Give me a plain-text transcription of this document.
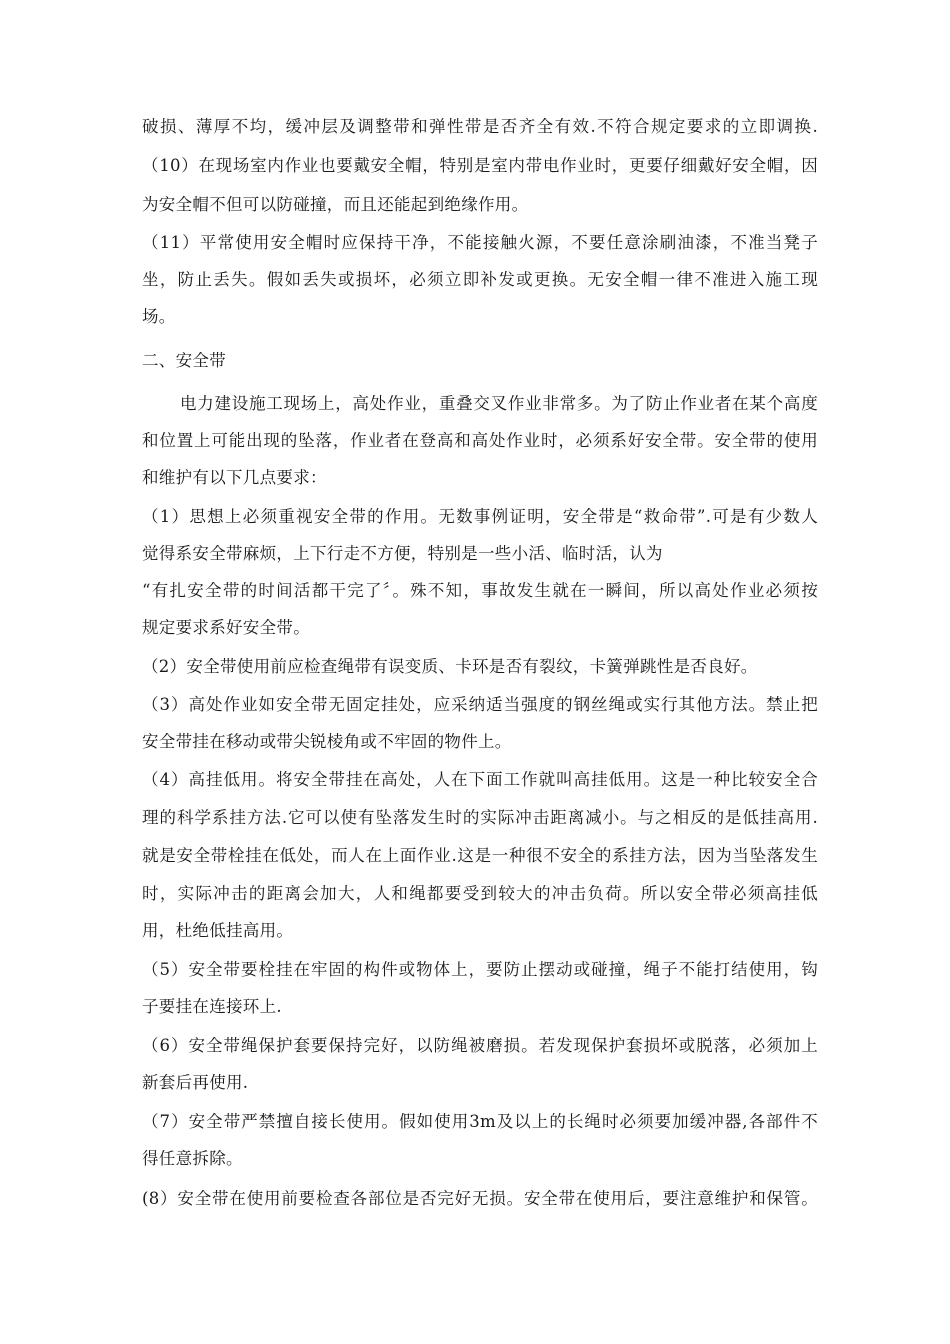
破损、薄厚不均，缓冲层及调整带和弹性带是否齐全有效.不符合规定要求的立即调换.
（10）在现场室内作业也要戴安全帽，特别是室内带电作业时，更要仔细戴好安全帽，因
为安全帽不但可以防碰撞，而且还能起到绝缘作用。
（11）平常使用安全帽时应保持干净，不能接触火源，不要任意涂刷油漆，不准当凳子
坐，防止丢失。假如丢失或损坏，必须立即补发或更换。无安全帽一律不准进入施工现
场。
二、安全带
电力建设施工现场上，高处作业，重叠交叉作业非常多。为了防止作业者在某个高度
和位置上可能出现的坠落，作业者在登高和高处作业时，必须系好安全带。安全带的使用
和维护有以下几点要求：
（1）思想上必须重视安全带的作用。无数事例证明，安全带是“救命带”.可是有少数人
觉得系安全带麻烦，上下行走不方便，特别是一些小活、临时活，认为
“有扎安全带的时间活都干完了〞。殊不知，事故发生就在一瞬间，所以高处作业必须按
规定要求系好安全带。
（2）安全带使用前应检查绳带有误变质、卡环是否有裂纹，卡簧弹跳性是否良好。
（3）高处作业如安全带无固定挂处，应采纳适当强度的钢丝绳或实行其他方法。禁止把
安全带挂在移动或带尖锐棱角或不牢固的物件上。
（4）高挂低用。将安全带挂在高处，人在下面工作就叫高挂低用。这是一种比较安全合
理的科学系挂方法.它可以使有坠落发生时的实际冲击距离减小。与之相反的是低挂高用.
就是安全带栓挂在低处，而人在上面作业.这是一种很不安全的系挂方法，因为当坠落发生
时，实际冲击的距离会加大，人和绳都要受到较大的冲击负荷。所以安全带必须高挂低
用，杜绝低挂高用。
（5）安全带要栓挂在牢固的构件或物体上，要防止摆动或碰撞，绳子不能打结使用，钩
子要挂在连接环上.
（6）安全带绳保护套要保持完好，以防绳被磨损。若发现保护套损坏或脱落，必须加上
新套后再使用.
（7）安全带严禁擅自接长使用。假如使用3m及以上的长绳时必须要加缓冲器,各部件不
得任意拆除。
(8）安全带在使用前要检查各部位是否完好无损。安全带在使用后，要注意维护和保管。
